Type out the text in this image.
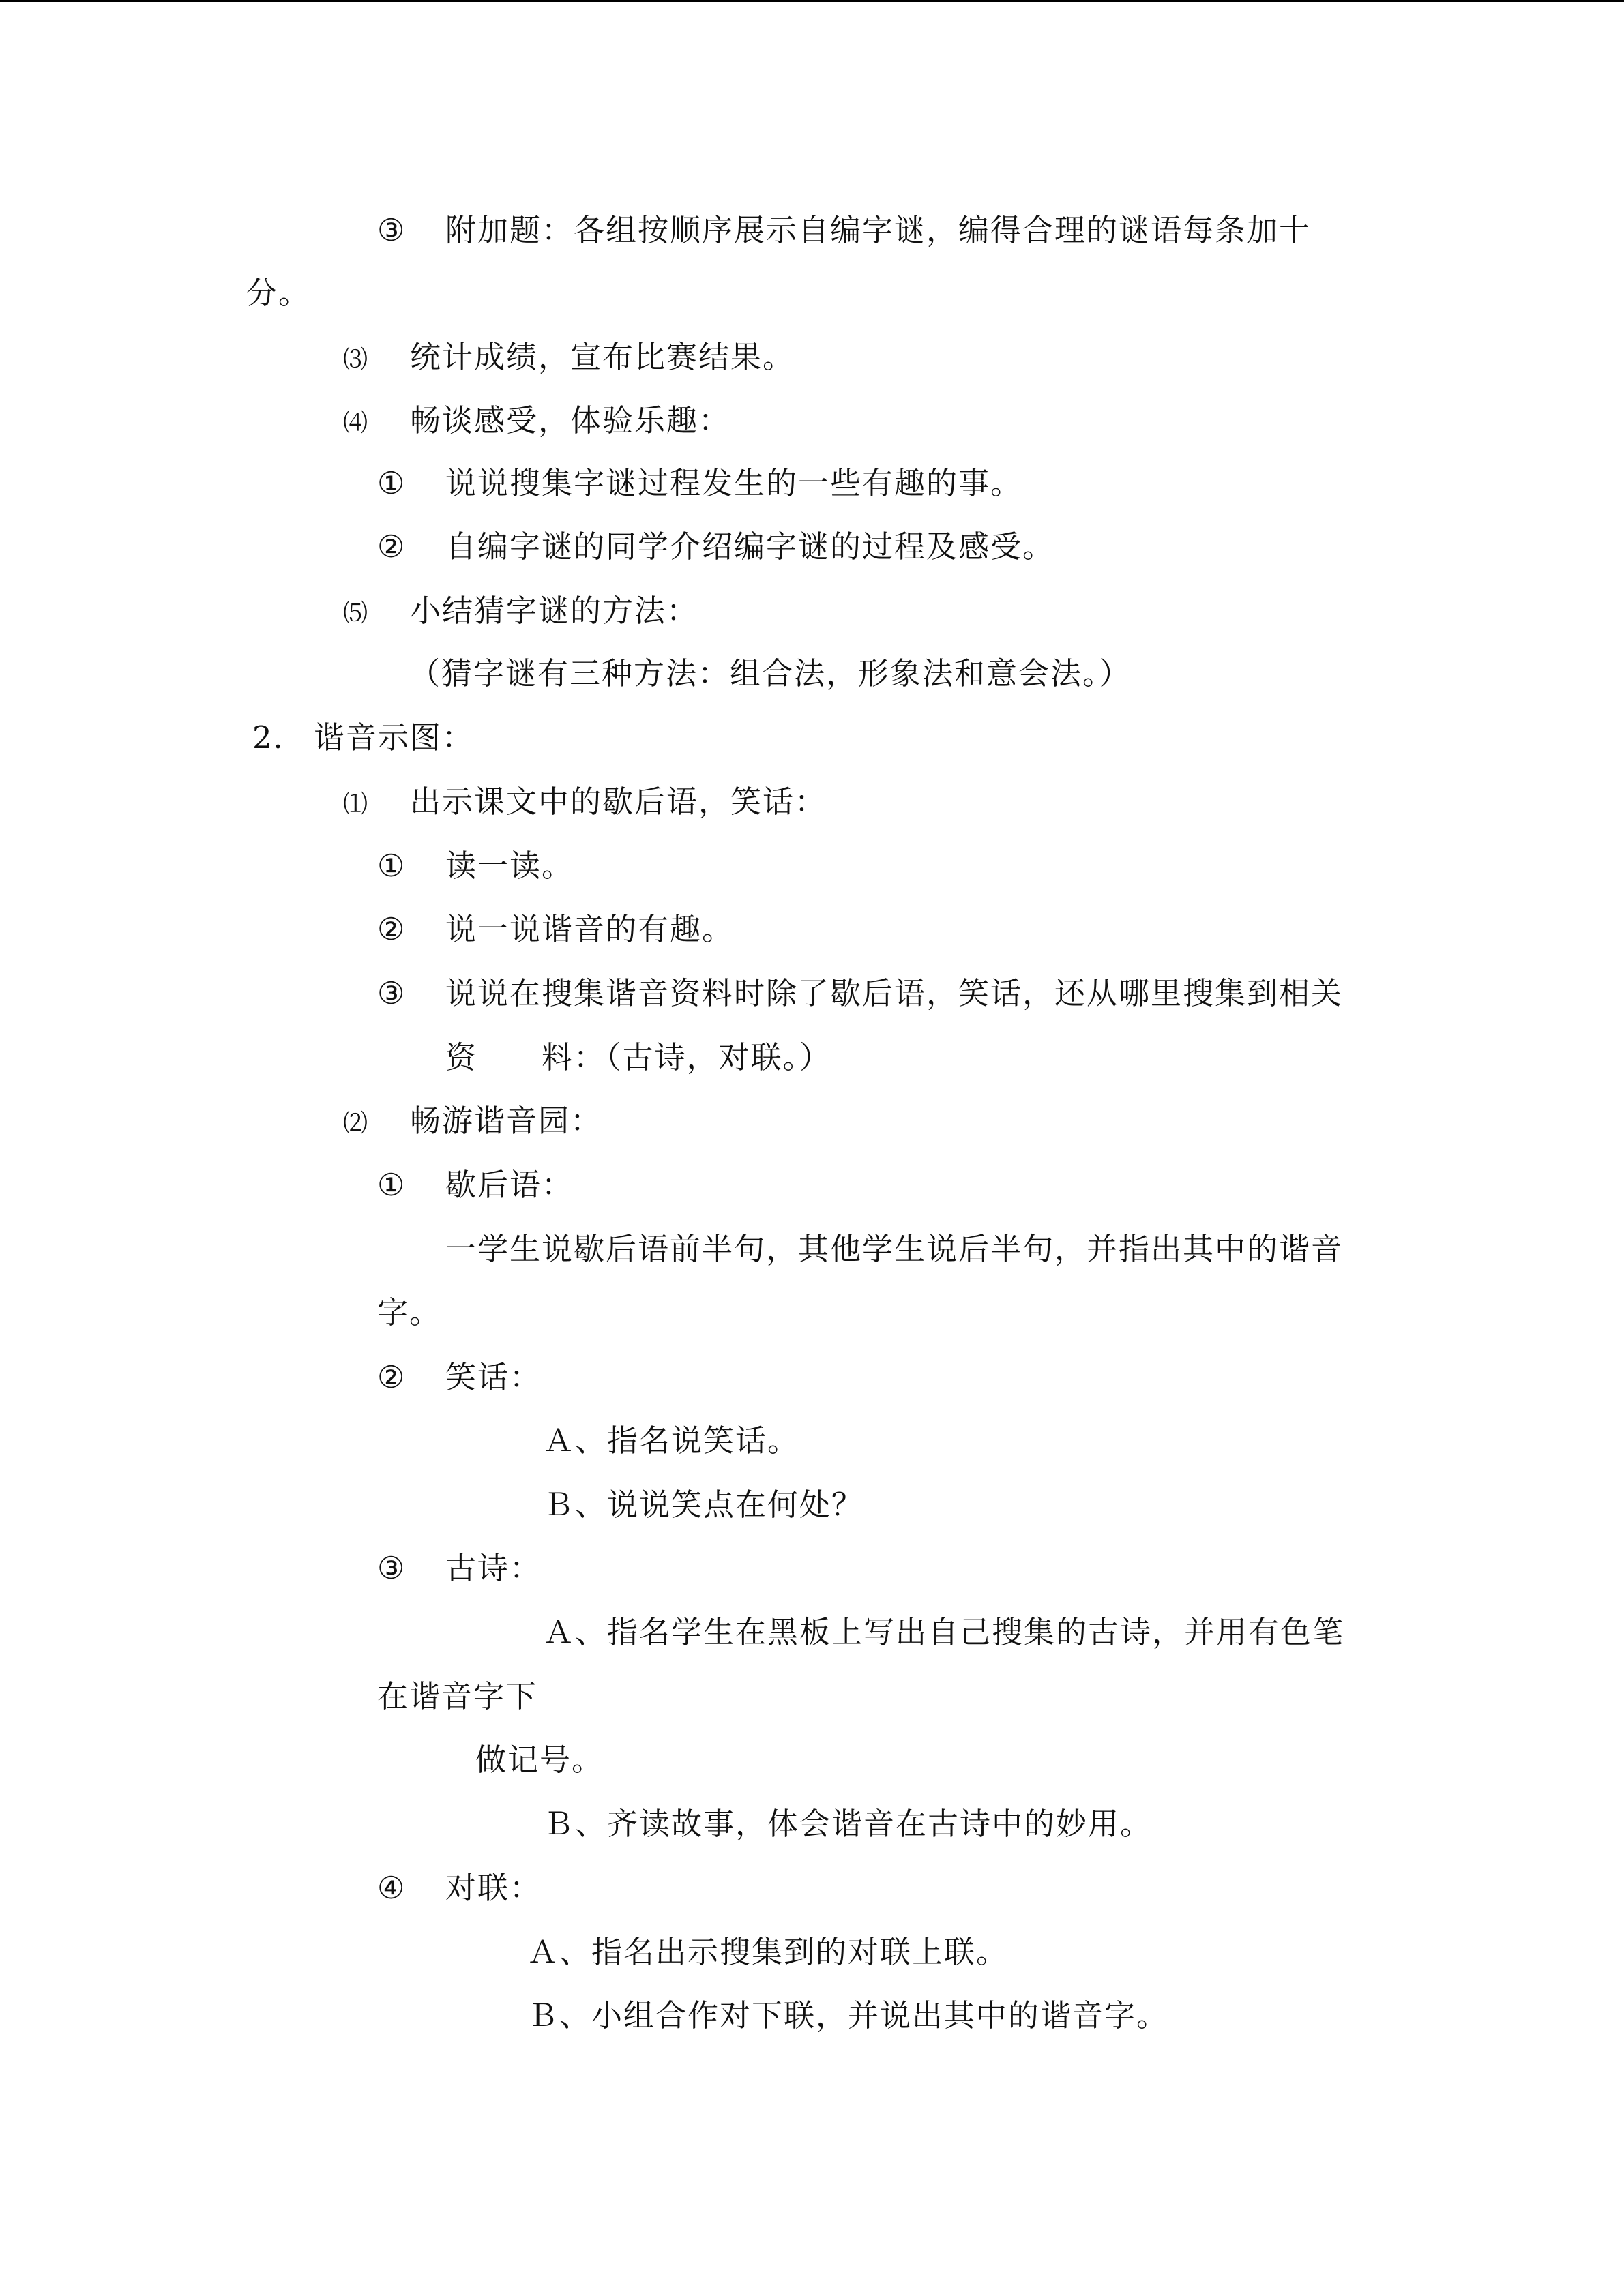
③ 附加题：各组按顺序展示自编字谜，编得合理的谜语每条加十
分。
⑶ 统计成绩，宣布比赛结果。
⑷ 畅谈感受，体验乐趣：
① 说说搜集字谜过程发生的一些有趣的事。
② 自编字谜的同学介绍编字谜的过程及感受。
⑸ 小结猜字谜的方法：
（猜字谜有三种方法：组合法，形象法和意会法。）
2． 谐音示图：
⑴ 出示课文中的歇后语，笑话：
① 读一读。
② 说一说谐音的有趣。
③ 说说在搜集谐音资料时除了歇后语，笑话，还从哪里搜集到相关
资　　料：（古诗，对联。）
⑵ 畅游谐音园：
① 歇后语：
一学生说歇后语前半句，其他学生说后半句，并指出其中的谐音
字。
② 笑话：
Ａ、指名说笑话。
Ｂ、说说笑点在何处？
③ 古诗：
Ａ、指名学生在黑板上写出自己搜集的古诗，并用有色笔
在谐音字下
做记号。
Ｂ、齐读故事，体会谐音在古诗中的妙用。
④ 对联：
Ａ、指名出示搜集到的对联上联。
Ｂ、小组合作对下联，并说出其中的谐音字。
